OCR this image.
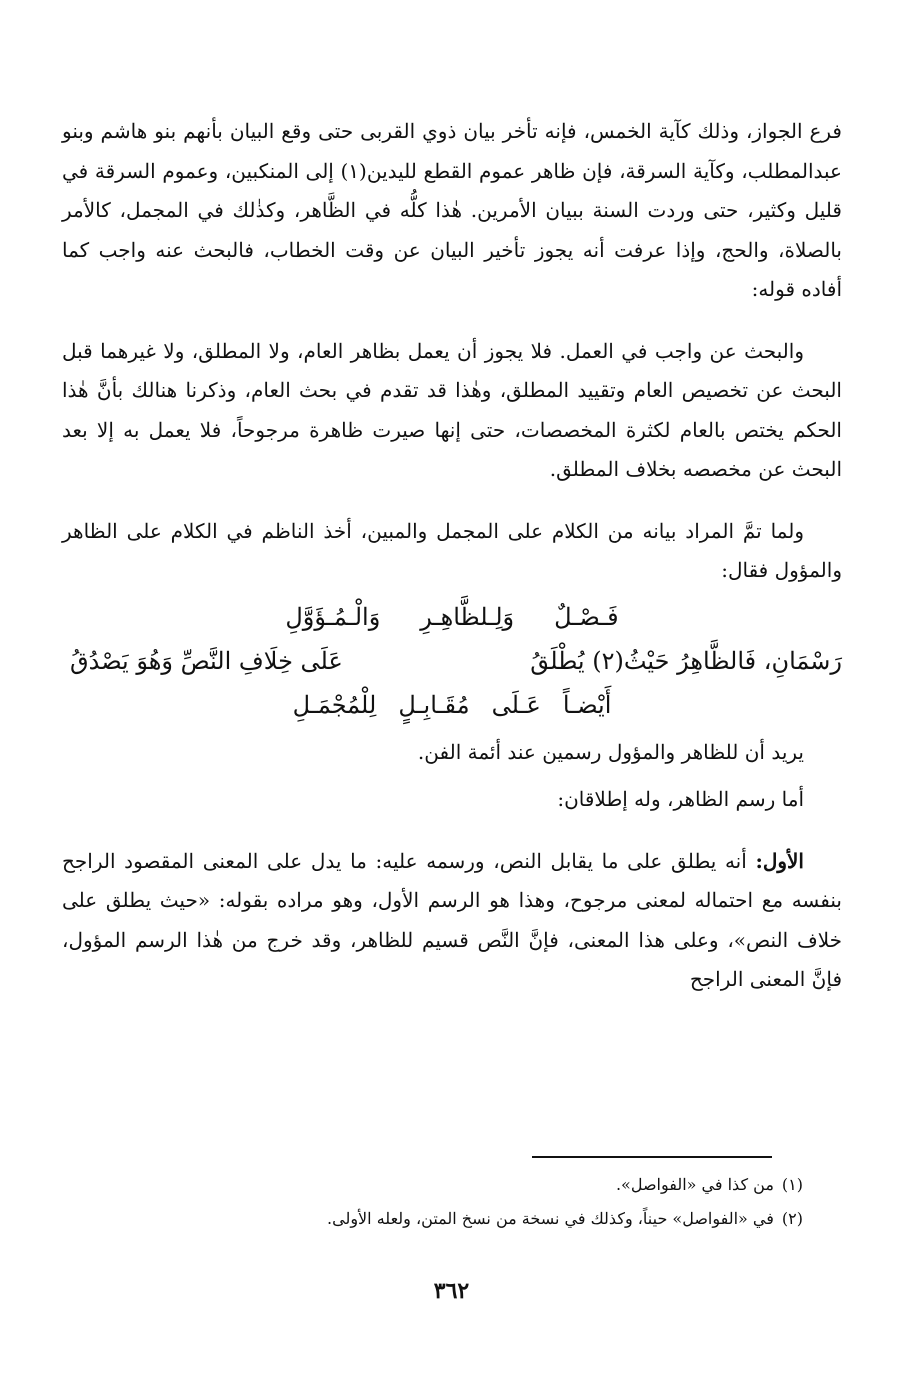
فرع الجواز، وذلك كآية الخمس، فإنه تأخر بيان ذوي القربى حتى وقع البيان بأنهم بنو هاشم وبنو عبدالمطلب، وكآية السرقة، فإن ظاهر عموم القطع لليدين(١) إلى المنكبين، وعموم السرقة في قليل وكثير، حتى وردت السنة ببيان الأمرين. هٰذا كلُّه في الظَّاهر، وكذٰلك في المجمل، كالأمر بالصلاة، والحج، وإذا عرفت أنه يجوز تأخير البيان عن وقت الخطاب، فالبحث عنه واجب كما أفاده قوله:

والبحث عن واجب في العمل. فلا يجوز أن يعمل بظاهر العام، ولا المطلق، ولا غيرهما قبل البحث عن تخصيص العام وتقييد المطلق، وهٰذا قد تقدم في بحث العام، وذكرنا هنالك بأنَّ هٰذا الحكم يختص بالعام لكثرة المخصصات، حتى إنها صيرت ظاهرة مرجوحاً، فلا يعمل به إلا بعد البحث عن مخصصه بخلاف المطلق.

ولما تمَّ المراد بيانه من الكلام على المجمل والمبين، أخذ الناظم في الكلام على الظاهر والمؤول فقال:

فَـصْـلٌ
وَلِـلظَّاهِـرِ
وَالْـمُـؤَوَّلِ
رَسْمَانِ، فَالظَّاهِرُ حَيْثُ(٢) يُطْلَقُ
عَلَى خِلَافِ النَّصِّ وَهُوَ يَصْدُقُ
أَيْضـاً
عَـلَى
مُقَـابِـلٍ
لِلْمُجْمَـلِ

يريد أن للظاهر والمؤول رسمين عند أئمة الفن.

أما رسم الظاهر، وله إطلاقان:

الأول: أنه يطلق على ما يقابل النص، ورسمه عليه: ما يدل على المعنى المقصود الراجح بنفسه مع احتماله لمعنى مرجوح، وهذا هو الرسم الأول، وهو مراده بقوله: «حيث يطلق على خلاف النص»، وعلى هذا المعنى، فإنَّ النَّص قسيم للظاهر، وقد خرج من هٰذا الرسم المؤول، فإنَّ المعنى الراجح

(١)
من كذا في «الفواصل».
(٢)
في «الفواصل» حيناً، وكذلك في نسخة من نسخ المتن، ولعله الأولى.
٣٦٢
